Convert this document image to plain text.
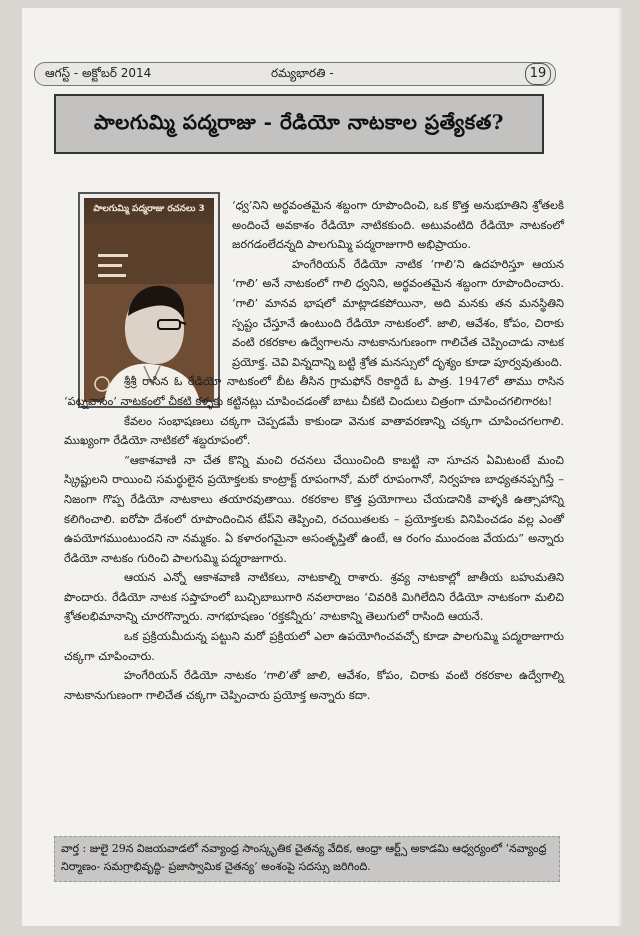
ఆగస్ట్ - అక్టోబర్ 2014	రమ్యభారతి -	19
పాలగుమ్మి పద్మరాజు - రేడియో నాటకాల ప్రత్యేకత?
పాలగుమ్మి పద్మరాజు రచనలు 3	‘ధ్వ’నిని అర్థవంతమైన శబ్దంగా రూపొందించి, ఒక కొత్త అనుభూతిని శ్రోతలకి అందించే అవకాశం రేడియో నాటికకుంది. అటువంటిది రేడియో నాటకంలో జరగడంలేదన్నది పాలగుమ్మి పద్మరాజుగారి అభిప్రాయం.

హంగేరియన్ రేడియో నాటిక ‘గాలి’ని ఉదహరిస్తూ ఆయన ‘గాలి’ అనే నాటకంలో గాలి ధ్వనిని, అర్థవంతమైన శబ్దంగా రూపొందించారు. ‘గాలి’ మానవ భాషలో మాట్లాడకపోయినా, అది మనకు తన మనస్థితిని స్పష్టం చేస్తూనే ఉంటుంది రేడియో నాటకంలో. జాలి, ఆవేశం, కోపం, చిరాకు వంటి రకరకాల ఉద్వేగాలను నాటకానుగుణంగా గాలిచేత చెప్పించాడు నాటక ప్రయోక్త. చెవి విన్నదాన్ని బట్టి శ్రోత మనస్సులో దృశ్యం కూడా పూర్వవుతుంది.

శ్రీశ్రీ రాసిన ఓ రేడియో నాటకంలో బీట తీసిన గ్రామఫోన్ రికార్డిదే ఓ పాత్ర. 1947లో తాము రాసిన ‘పట్నవాసం’ నాటకంలో చీకటి కళ్ళకు కట్టినట్లు చూపించడంతో బాటు చీకటి చిందులు చిత్రంగా చూపించగలిగారట!

కేవలం సంభాషణలు చక్కగా చెప్పడమే కాకుండా వెనుక వాతావరణాన్ని చక్కగా చూపించగలగాలి. ముఖ్యంగా రేడియో నాటికలో శబ్దరూపంలో.

“ఆకాశవాణి నా చేత కొన్ని మంచి రచనలు చేయించింది కాబట్టి నా సూచన ఏమిటంటే మంచి స్క్రిప్టులని రాయించి సమర్థులైన ప్రయోక్తలకు కాంట్రాక్ట్ రూపంగానో, మరో రూపంగానో, నిర్వహణ బాధ్యతనప్పగిస్తే – నిజంగా గొప్ప రేడియో నాటకాలు తయారవుతాయి. రకరకాల కొత్త ప్రయోగాలు చేయడానికి వాళ్ళకి ఉత్సాహాన్ని కలిగించాలి. ఐరోపా దేశంలో రూపొందించిన టేప్‌ని తెప్పించి, రచయితలకు – ప్రయోక్తలకు వినిపించడం వల్ల ఎంతో ఉపయోగముంటుందని నా నమ్మకం. ఏ కళారంగమైనా అసంతృప్తితో ఉంటే, ఆ రంగం ముందంజ వేయదు” అన్నారు రేడియో నాటకం గురించి పాలగుమ్మి పద్మరాజుగారు.

ఆయన ఎన్నో ఆకాశవాణి నాటికలు, నాటకాల్ని రాశారు. శ్రవ్య నాటకాల్లో జాతీయ బహుమతిని పొందారు. రేడియో నాటక సప్తాహంలో బుచ్చిబాబుగారి నవలారాజం ‘చివరికి మిగిలేదిని రేడియో నాటకంగా మలిచి శ్రోతలభిమానాన్ని చూరగొన్నారు. నాగభూషణం ‘రక్తకన్నీరు’ నాటకాన్ని తెలుగులో రాసింది ఆయనే.

ఒక ప్రక్రియమీదున్న పట్టుని మరో ప్రక్రియలో ఎలా ఉపయోగించవచ్చో కూడా పాలగుమ్మి పద్మరాజుగారు చక్కగా చూపించారు.

హంగేరియన్ రేడియో నాటకం ‘గాలి’తో జాలి, ఆవేశం, కోపం, చిరాకు వంటి రకరకాల ఉద్వేగాల్ని నాటకానుగుణంగా గాలిచేత చక్కగా చెప్పించారు ప్రయోక్త అన్నారు కదా.

వార్త : జులై 29న విజయవాడలో నవ్యాంధ్ర సాంస్కృతిక చైతన్య వేదిక, ఆంధ్రా ఆర్ట్స్ అకాడమి ఆధ్వర్యంలో ‘నవ్యాంధ్ర నిర్మాణం- సమగ్రాభివృద్ధి- ప్రజాస్వామిక చైతన్య’ అంశంపై సదస్సు జరిగింది.
